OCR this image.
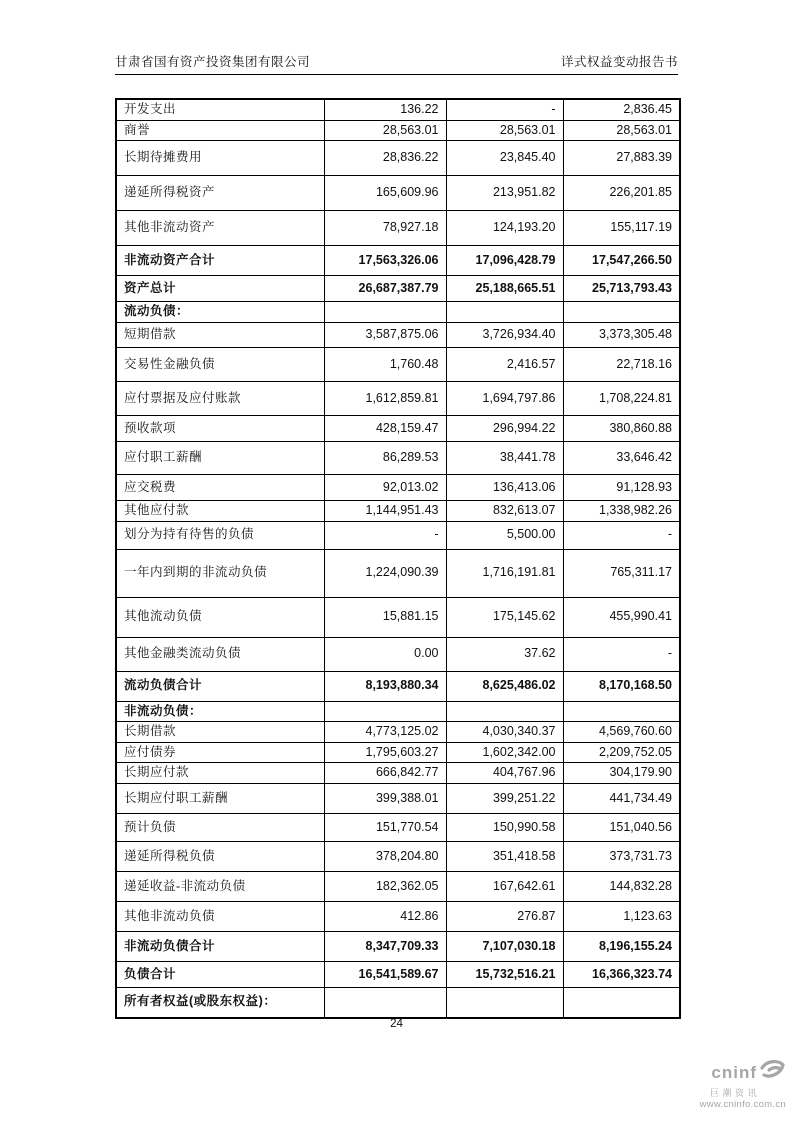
甘肃省国有资产投资集团有限公司	详式权益变动报告书
开发支出	136.22	-	2,836.45
商誉	28,563.01	28,563.01	28,563.01
长期待摊费用	28,836.22	23,845.40	27,883.39
递延所得税资产	165,609.96	213,951.82	226,201.85
其他非流动资产	78,927.18	124,193.20	155,117.19
非流动资产合计	17,563,326.06	17,096,428.79	17,547,266.50
资产总计	26,687,387.79	25,188,665.51	25,713,793.43
流动负债：			
短期借款	3,587,875.06	3,726,934.40	3,373,305.48
交易性金融负债	1,760.48	2,416.57	22,718.16
应付票据及应付账款	1,612,859.81	1,694,797.86	1,708,224.81
预收款项	428,159.47	296,994.22	380,860.88
应付职工薪酬	86,289.53	38,441.78	33,646.42
应交税费	92,013.02	136,413.06	91,128.93
其他应付款	1,144,951.43	832,613.07	1,338,982.26
划分为持有待售的负债	-	5,500.00	-
一年内到期的非流动负债	1,224,090.39	1,716,191.81	765,311.17
其他流动负债	15,881.15	175,145.62	455,990.41
其他金融类流动负债	0.00	37.62	-
流动负债合计	8,193,880.34	8,625,486.02	8,170,168.50
非流动负债：			
长期借款	4,773,125.02	4,030,340.37	4,569,760.60
应付债券	1,795,603.27	1,602,342.00	2,209,752.05
长期应付款	666,842.77	404,767.96	304,179.90
长期应付职工薪酬	399,388.01	399,251.22	441,734.49
预计负债	151,770.54	150,990.58	151,040.56
递延所得税负债	378,204.80	351,418.58	373,731.73
递延收益-非流动负债	182,362.05	167,642.61	144,832.28
其他非流动负债	412.86	276.87	1,123.63
非流动负债合计	8,347,709.33	7,107,030.18	8,196,155.24
负债合计	16,541,589.67	15,732,516.21	16,366,323.74
所有者权益(或股东权益)：			
24
cninf
巨潮资讯
www.cninfo.com.cn
